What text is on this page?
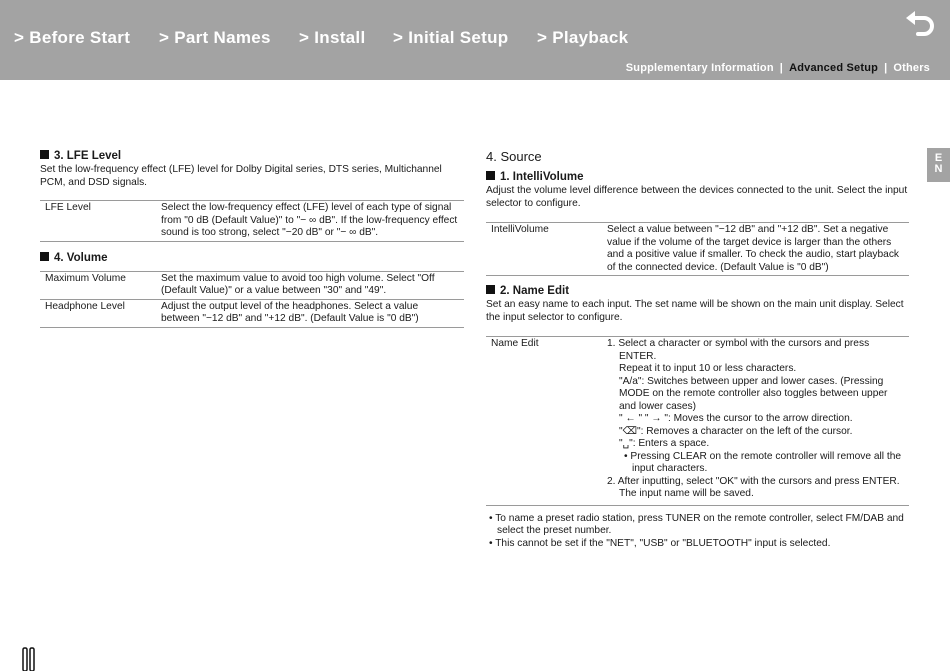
> Before Start > Part Names > Install > Initial Setup > Playback
Supplementary Information | Advanced Setup | Others
E
N

3. LFE Level

Set the low-frequency effect (LFE) level for Dolby Digital series, DTS series, Multichannel PCM, and DSD signals.

LFE Level	Select the low-frequency effect (LFE) level of each type of signal from "0 dB (Default Value)" to "− ∞ dB". If the low-frequency effect sound is too strong, select "−20 dB" or "− ∞ dB".

4. Volume

Maximum Volume	Set the maximum value to avoid too high volume. Select "Off (Default Value)" or a value between "30" and "49".
Headphone Level	Adjust the output level of the headphones. Select a value between "−12 dB" and "+12 dB". (Default Value is "0 dB")

4. Source

1. IntelliVolume

Adjust the volume level difference between the devices connected to the unit. Select the input selector to configure.

IntelliVolume	Select a value between "−12 dB" and "+12 dB". Set a negative value if the volume of the target device is larger than the others and a positive value if smaller. To check the audio, start playback of the connected device. (Default Value is "0 dB")

2. Name Edit

Set an easy name to each input. The set name will be shown on the main unit display. Select the input selector to configure.

Name Edit	1. Select a character or symbol with the cursors and press ENTER.
Repeat it to input 10 or less characters.
"A/a": Switches between upper and lower cases. (Pressing MODE on the remote controller also toggles between upper and lower cases)
" ← " " → ": Moves the cursor to the arrow direction.
"⌫": Removes a character on the left of the cursor.
"␣": Enters a space.
• Pressing CLEAR on the remote controller will remove all the input characters.
2. After inputting, select "OK" with the cursors and press ENTER.
The input name will be saved.
• To name a preset radio station, press TUNER on the remote controller, select FM/DAB and select the preset number.
• This cannot be set if the "NET", "USB" or "BLUETOOTH" input is selected.
